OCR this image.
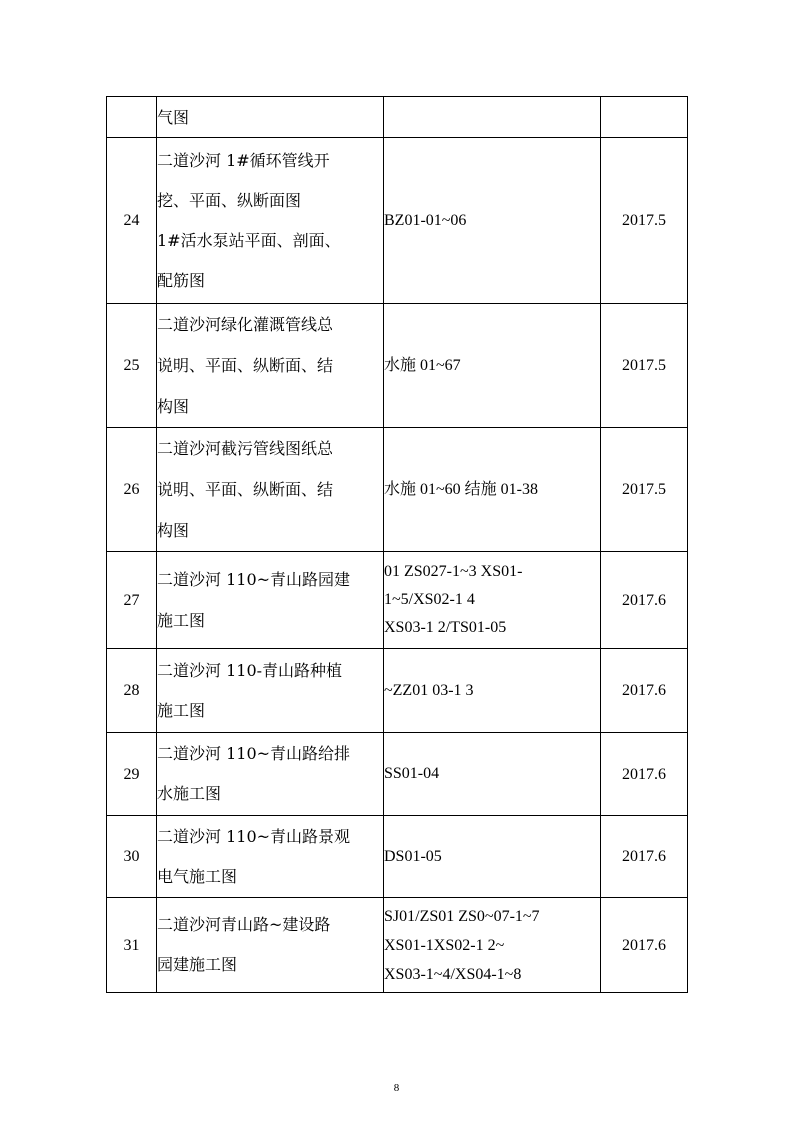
	气图		

24	二道沙河 1#循环管线开
挖、平面、纵断面图
1#活水泵站平面、剖面、
配筋图	BZ01-01~06	2017.5
25	二道沙河绿化灌溉管线总
说明、平面、纵断面、结
构图	水施 01~67	2017.5
26	二道沙河截污管线图纸总
说明、平面、纵断面、结
构图	水施 01~60 结施 01-38	2017.5
27	二道沙河 110~青山路园建
施工图	01 ZS027-1~3 XS01-
1~5/XS02-1 4
XS03-1 2/TS01-05	2017.6
28	二道沙河 110-青山路种植
施工图	~ZZ01 03-1 3	2017.6
29	二道沙河 110~青山路给排
水施工图	SS01-04	2017.6
30	二道沙河 110~青山路景观
电气施工图	DS01-05	2017.6
31	二道沙河青山路~建设路
园建施工图	SJ01/ZS01 ZS0~07-1~7
XS01-1XS02-1 2~
XS03-1~4/XS04-1~8	2017.6
8
